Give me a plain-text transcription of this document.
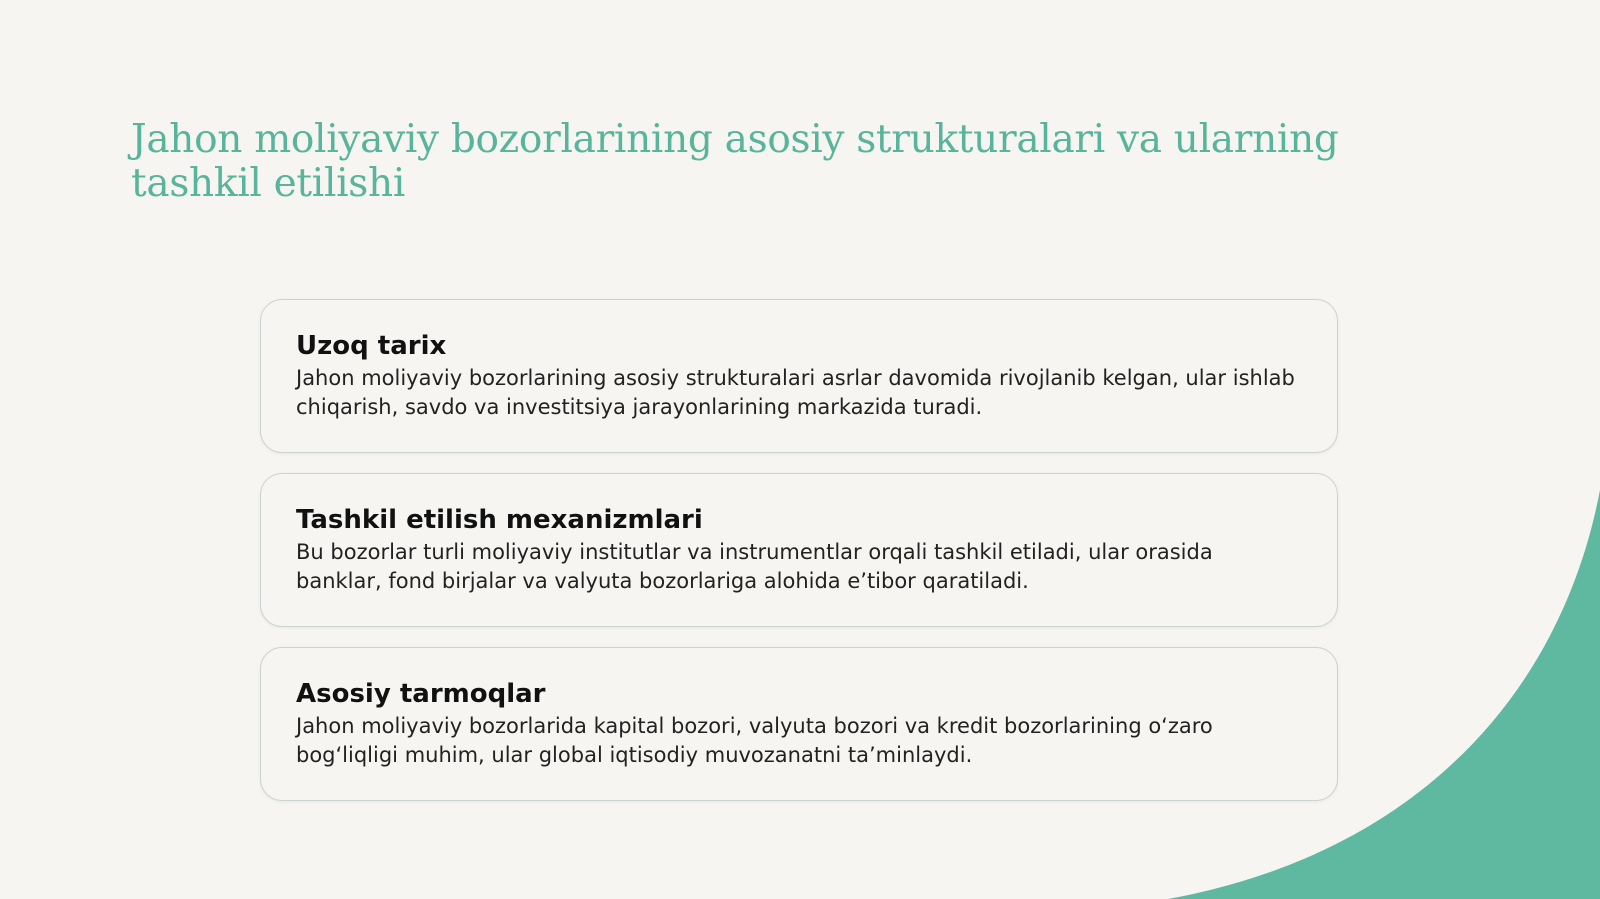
Jahon moliyaviy bozorlarining asosiy strukturalari va ularning tashkil etilishi
Uzoq tarix

Jahon moliyaviy bozorlarining asosiy strukturalari asrlar davomida rivojlanib kelgan, ular ishlab chiqarish, savdo va investitsiya jarayonlarining markazida turadi.

Tashkil etilish mexanizmlari

Bu bozorlar turli moliyaviy institutlar va instrumentlar orqali tashkil etiladi, ular orasida banklar, fond birjalar va valyuta bozorlariga alohida e’tibor qaratiladi.

Asosiy tarmoqlar

Jahon moliyaviy bozorlarida kapital bozori, valyuta bozori va kredit bozorlarining o‘zaro bog‘liqligi muhim, ular global iqtisodiy muvozanatni ta’minlaydi.
